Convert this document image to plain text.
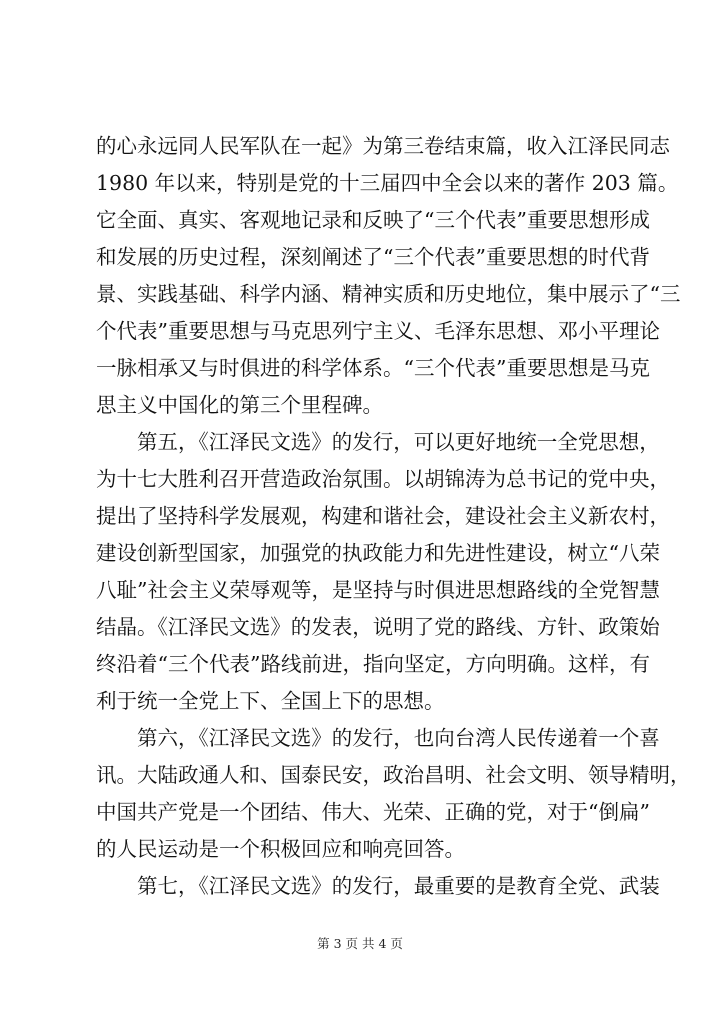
的心永远同人民军队在一起》为第三卷结束篇，收入江泽民同志
1980 年以来，特别是党的十三届四中全会以来的著作 203 篇。
它全面、真实、客观地记录和反映了“三个代表”重要思想形成
和发展的历史过程，深刻阐述了“三个代表”重要思想的时代背
景、实践基础、科学内涵、精神实质和历史地位，集中展示了“三
个代表”重要思想与马克思列宁主义、毛泽东思想、邓小平理论
一脉相承又与时俱进的科学体系。“三个代表”重要思想是马克
思主义中国化的第三个里程碑。
第五，《江泽民文选》的发行，可以更好地统一全党思想，
为十七大胜利召开营造政治氛围。以胡锦涛为总书记的党中央，
提出了坚持科学发展观，构建和谐社会，建设社会主义新农村，
建设创新型国家，加强党的执政能力和先进性建设，树立“八荣
八耻”社会主义荣辱观等，是坚持与时俱进思想路线的全党智慧
结晶。《江泽民文选》的发表，说明了党的路线、方针、政策始
终沿着“三个代表”路线前进，指向坚定，方向明确。这样，有
利于统一全党上下、全国上下的思想。
第六，《江泽民文选》的发行，也向台湾人民传递着一个喜
讯。大陆政通人和、国泰民安，政治昌明、社会文明、领导精明，
中国共产党是一个团结、伟大、光荣、正确的党，对于“倒扁”
的人民运动是一个积极回应和响亮回答。
第七，《江泽民文选》的发行，最重要的是教育全党、武装
第 3 页 共 4 页
